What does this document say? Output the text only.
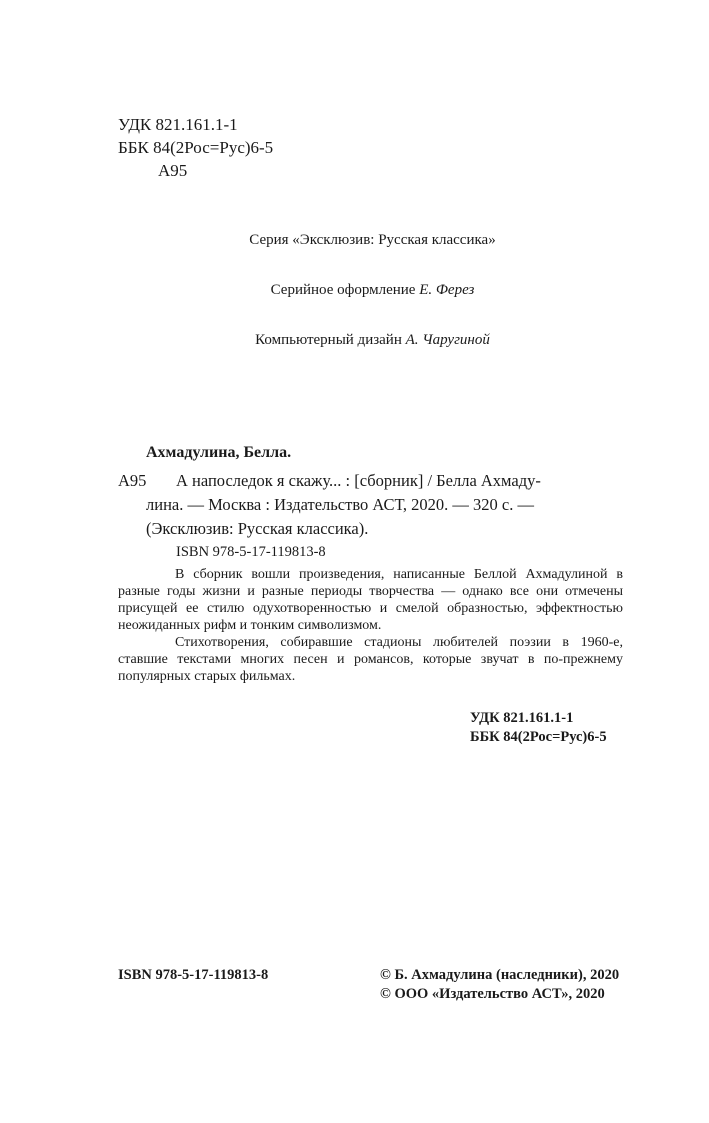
УДК 821.161.1-1
ББК 84(2Рос=Рус)6-5
А95
Серия «Эксклюзив: Русская классика»
Серийное оформление Е. Ферез
Компьютерный дизайн А. Чаругиной
Ахмадулина, Белла.
А95 А напоследок я скажу... : [сборник] / Белла Ахмаду-
лина. — Москва : Издательство АСТ, 2020. — 320 с. —
(Эксклюзив: Русская классика).
ISBN 978-5-17-119813-8

В сборник вошли произведения, написанные Беллой Ахмадулиной в разные годы жизни и разные периоды творчества — однако все они отмечены присущей ее стилю одухотворенностью и смелой образностью, эффектностью неожиданных рифм и тонким символизмом.

Стихотворения, собиравшие стадионы любителей поэзии в 1960-е, ставшие текстами многих песен и романсов, которые звучат в по-прежнему популярных старых фильмах.

УДК 821.161.1-1
ББК 84(2Рос=Рус)6-5
ISBN 978-5-17-119813-8	© Б. Ахмадулина (наследники), 2020
© ООО «Издательство АСТ», 2020
